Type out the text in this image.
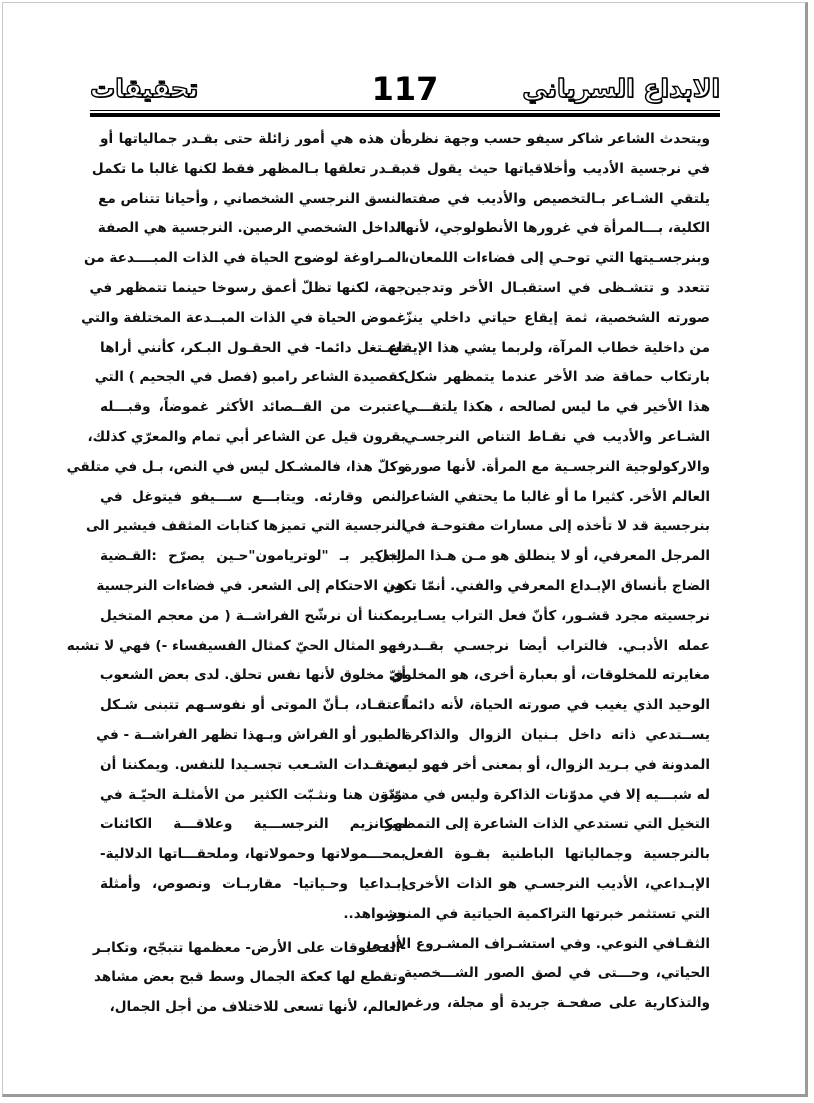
الابداع السرياني
117
تحقيقات
ويتحدث الشاعر شاكر سيفو حسب وجهة نظره
في نرجسية الأديب وأخلاقياتها حيث يقول قد
يلتقي الشـاعر بـالتخصيص والأديب في صفته
الكلية، بـــالمرأة في غرورها الأنطولوجي، لأنها،
وبنرجسـيتها التي توحـي إلى فضاءات اللمعان،
تتعدد و تتشـظى في استقبـال الأخر وتدجين
صورته الشخصية، ثمة إيقاع حياتي داخلي ينزّ
من داخلية خطاب المرآة، ولربما يشي هذا الإيقاع
بارتكاب حماقة ضد الأخر عندما يتمظهر شكل
هذا الأخير في ما ليس لصالحه ، هكذا يلتقـــي
الشـاعر والأديب في نقـاط التناص النرجسـي
والاركولوجية النرجسـية مع المرأة. لأنها صورة
العالم الأخر. كثيرا ما أو غالبا ما يحتفي الشاعر
بنرجسية قد لا تأخذه إلى مسارات مفتوحـة في
المرجل المعرفي، أو لا ينطلق هو مـن هـذا المرجل
الضاج بأنساق الإبـداع المعرفي والفني. أنمّا تكون
نرجسيته مجرد قشـور، كأنّ فعل التراب يسـاير
عمله الأدبـي. فالتراب أيضا نرجسـي بقــدر
مغايرته للمخلوقات، أو بعبارة أخرى، هو المخلوق
الوحيد الذي يغيب في صورته الحياة، لأنه دائماً
يســتدعي ذاته داخل بـنيان الزوال والذاكرة
المدونة في بـريد الزوال، أو بمعنى أخر فهو ليس
له شبـــيه إلا في مدوّنات الذاكرة وليس في مدوّنة
التخيل التي تستدعي الذات الشاعرة إلى التمظهر
بالنرجسية وجمالياتها الباطنية بقـوة الفعل
الإبـداعي، الأديب النرجسـي هو الذات الأخرى
التي تستثمر خبرتها التراكمية الحياتية في المنجز
الثقـافي النوعي. وفي استشـراف المشـروع الأدبـي
الحياتي، وحـــتى في لصق الصور الشـــخصية
والتذكارية على صفحـة جريدة أو مجلة، ورغم
أن هذه هي أمور زائلة حتى بقـدر جمالياتها أو
بقـدر تعلقها بـالمظهر فقط لكنها غالبا ما تكمل
النسق النرجسي الشخصاني , وأحيانا تتناص مع
الداخل الشخصي الرصين. النرجسية هي الصفة
المـراوغة لوضوح الحياة في الذات المبــــدعة من
جهة، لكنها تظلّ أعمق رسوخا حينما تتمظهر في
غموض الحياة في الذات المبــدعة المختلفة والتي
تشـتغل دائما- في الحقـول البـكر، كأنني أراها
كقصيدة الشاعر رامبو (فصل في الجحيم ) التي
اعتبرت من القــصائد الأكثر غموضاً، وقبـــله
بقرون قيل عن الشاعر أبي تمام والمعرّي كذلك،
وكلّ هذا، فالمشـكل ليس في النص، بـل في متلقي
النص وقارئه. ويتابـــع ســـيفو فيتوغل في
النرجسية التي تميزها كتابات المثقف فيشير الى
التذكير بـ "لوتريامون"حـين يصرّح :القـضية
هي الاحتكام إلى الشعر. في فضاءات النرجسية
يمكننا أن نرشّح الفراشــة ( من معجم المتخيل
فهو المثال الحيّ كمثال الفسيفساء -) فهي لا تشبه
أيّ مخلوق لأنها نفس تحلق. لدى بعض الشعوب
اعتقـاد، بـأنّ الموتى أو نفوسـهم تتبنى شـكل
الطيور أو الفراش وبـهذا تظهر الفراشــة - في
معتقـدات الشـعب تجسـيدا للنفس. ويمكننا أن
نـدّون هنا ونثـبّت الكثير من الأمثلـة الحيّـة في
ميكانزيم النرجســـية وعلاقـــة الكائنات
بمحـــمولاتها وحمولاتها، وملحقـــاتها الدلالية-
إبـداعيا وحـياتيا- مقاربـات ونصوص، وأمثلة
وشواهد..
-المخلوقات على الأرض- معظمها تتبجّح، وتكابـر
وتقطع لها كعكة الجمال وسط قبح بعض مشاهد
العالم، لأنها تسعى للاختلاف من أجل الجمال،
